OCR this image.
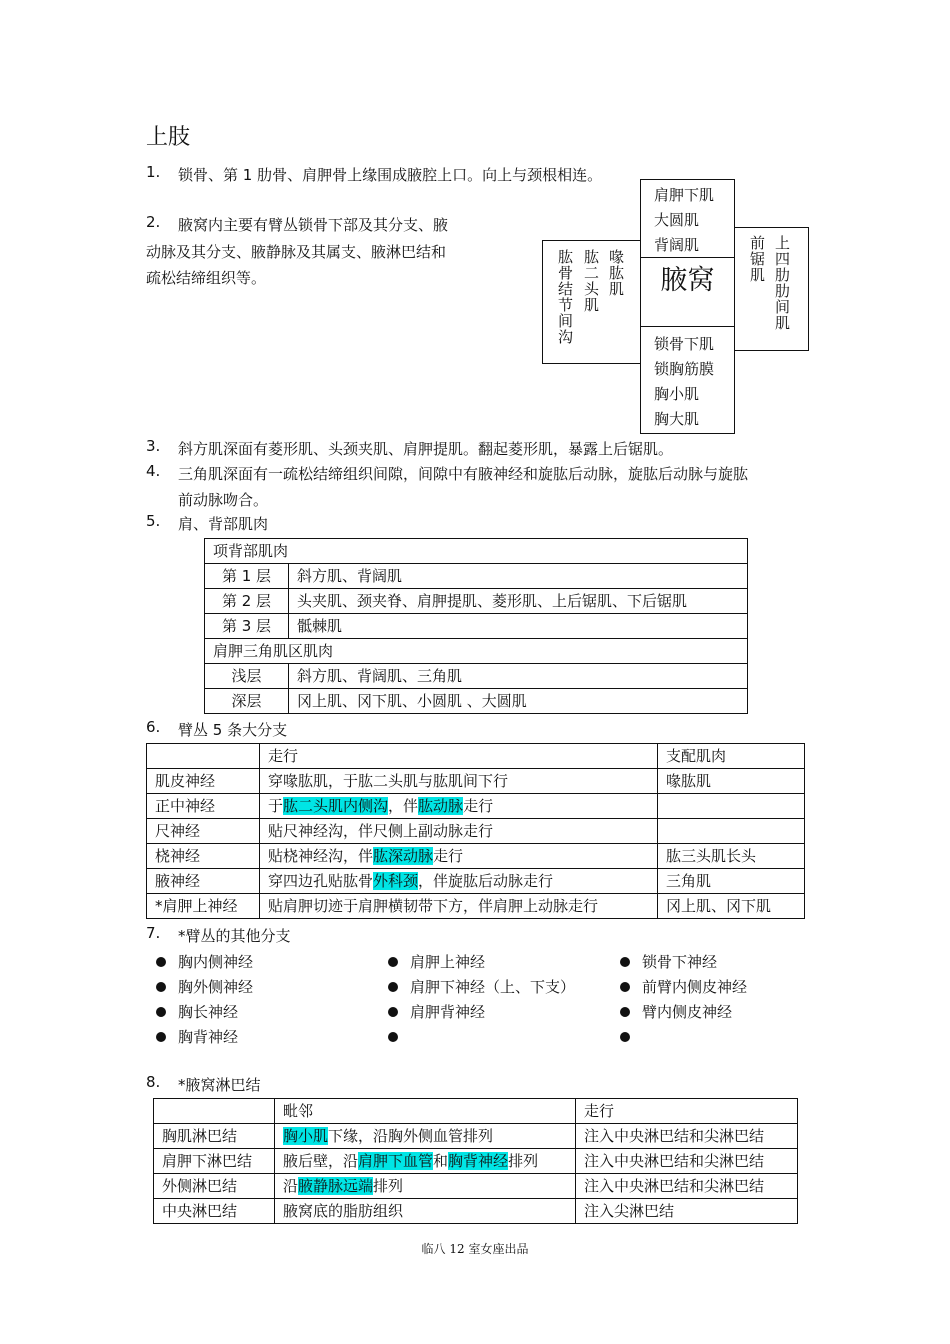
上肢
1.	锁骨、第 1 肋骨、肩胛骨上缘围成腋腔上口。向上与颈根相连。
2.	腋窝内主要有臂丛锁骨下部及其分支、腋
动脉及其分支、腋静脉及其属支、腋淋巴结和
疏松结缔组织等。
肩胛下肌
大圆肌
背阔肌
腋窝
锁骨下肌
锁胸筋膜
胸小肌
胸大肌
肱骨结节间沟 肱二头肌 喙肱肌	前锯肌 上四肋肋间肌
3.	斜方肌深面有菱形肌、头颈夹肌、肩胛提肌。翻起菱形肌，暴露上后锯肌。
4.	三角肌深面有一疏松结缔组织间隙，间隙中有腋神经和旋肱后动脉，旋肱后动脉与旋肱
前动脉吻合。
5.	肩、背部肌肉
项背部肌肉	
第 1 层	斜方肌、背阔肌
第 2 层	头夹肌、颈夹脊、肩胛提肌、菱形肌、上后锯肌、下后锯肌
第 3 层	骶棘肌
肩胛三角肌区肌肉	
浅层	斜方肌、背阔肌、三角肌
深层	冈上肌、冈下肌、小圆肌 、大圆肌
6.	臂丛 5 条大分支
	走行	支配肌肉
肌皮神经	穿喙肱肌，于肱二头肌与肱肌间下行	喙肱肌
正中神经	于肱二头肌内侧沟，伴肱动脉走行	
尺神经	贴尺神经沟，伴尺侧上副动脉走行	
桡神经	贴桡神经沟，伴肱深动脉走行	肱三头肌长头
腋神经	穿四边孔贴肱骨外科颈，伴旋肱后动脉走行	三角肌
*肩胛上神经	贴肩胛切迹于肩胛横韧带下方，伴肩胛上动脉走行	冈上肌、冈下肌
7.	*臂丛的其他分支
胸内侧神经
胸外侧神经
胸长神经
胸背神经
肩胛上神经
肩胛下神经（上、下支）
肩胛背神经
锁骨下神经
前臂内侧皮神经
臂内侧皮神经
8.	*腋窝淋巴结
	毗邻	走行
胸肌淋巴结	胸小肌下缘，沿胸外侧血管排列	注入中央淋巴结和尖淋巴结
肩胛下淋巴结	腋后壁，沿肩胛下血管和胸背神经排列	注入中央淋巴结和尖淋巴结
外侧淋巴结	沿腋静脉远端排列	注入中央淋巴结和尖淋巴结
中央淋巴结	腋窝底的脂肪组织	注入尖淋巴结
临八 12 室女座出品
